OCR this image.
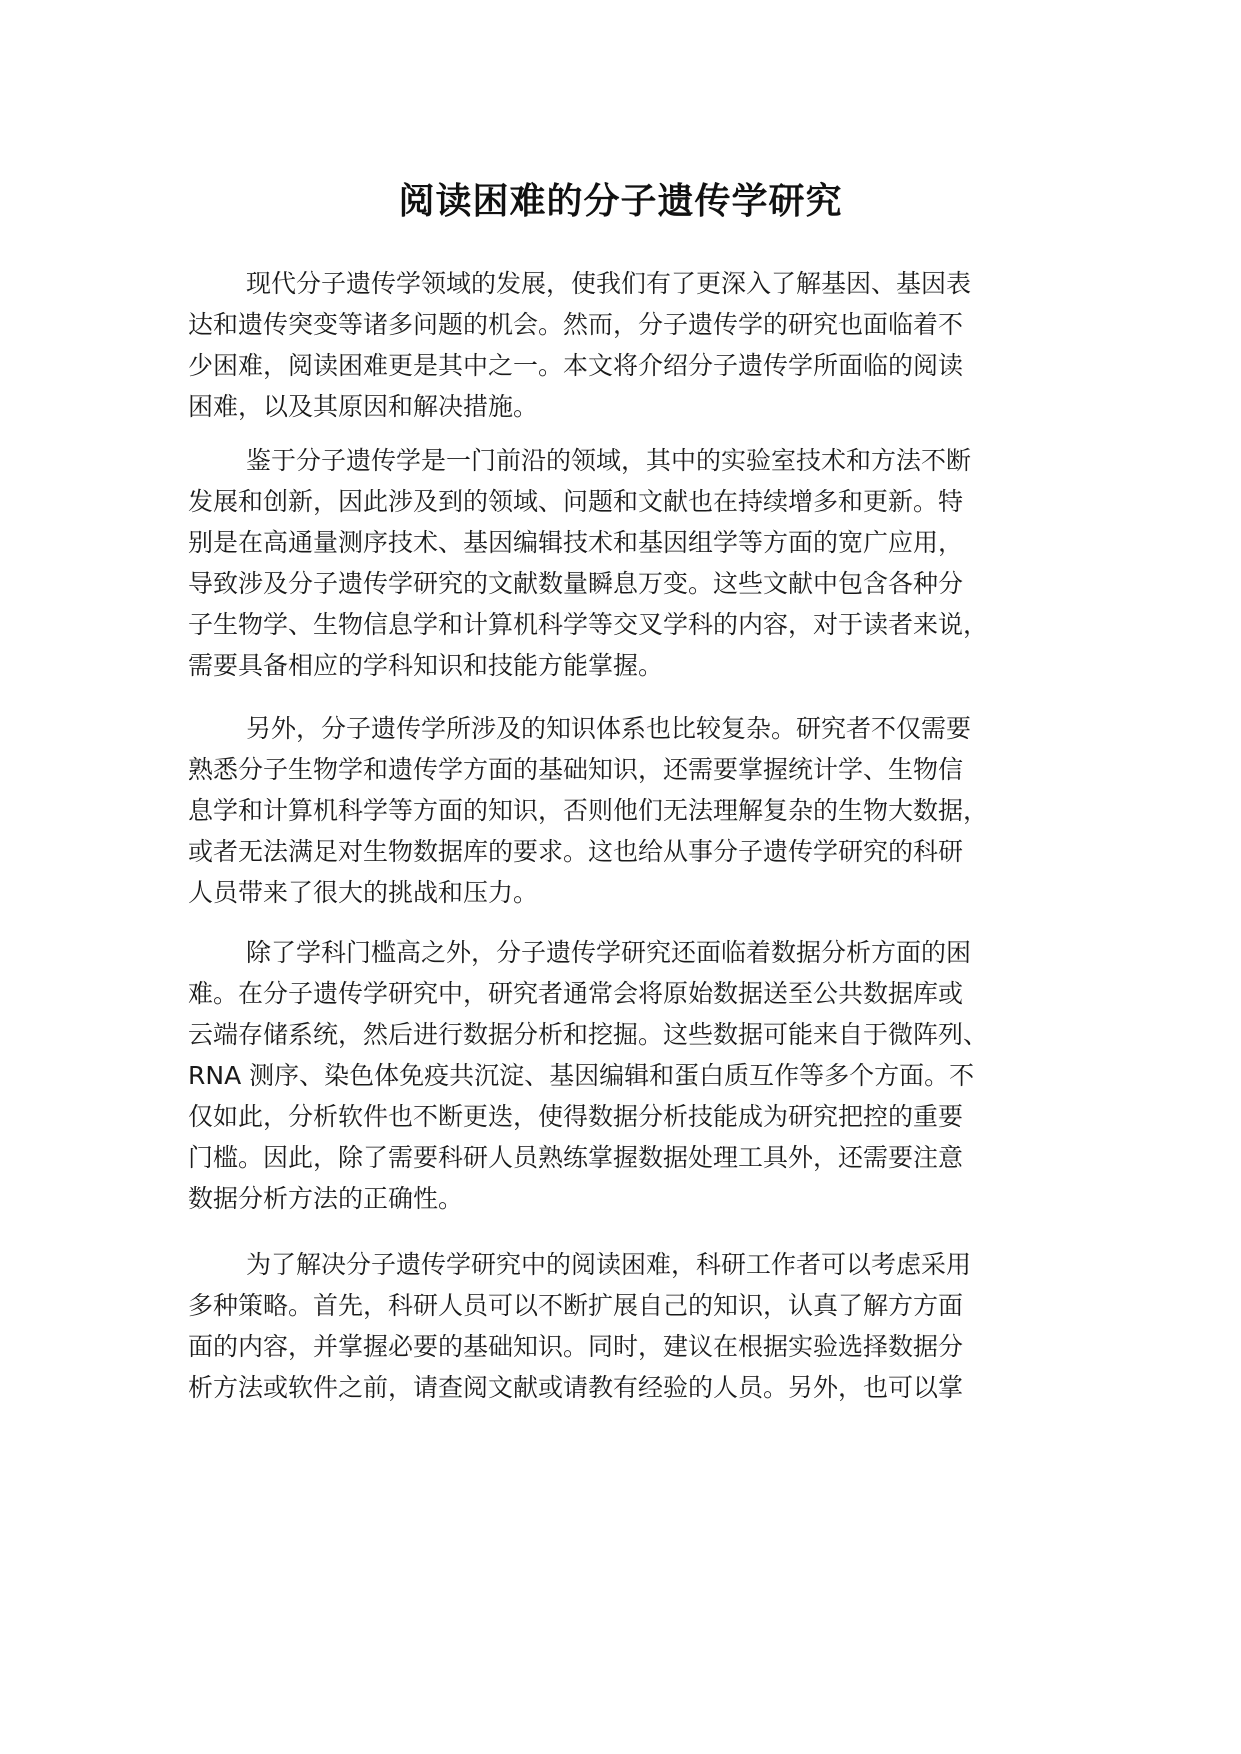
阅读困难的分子遗传学研究
现代分子遗传学领域的发展，使我们有了更深入了解基因、基因表
达和遗传突变等诸多问题的机会。然而，分子遗传学的研究也面临着不
少困难，阅读困难更是其中之一。本文将介绍分子遗传学所面临的阅读
困难，以及其原因和解决措施。
鉴于分子遗传学是一门前沿的领域，其中的实验室技术和方法不断
发展和创新，因此涉及到的领域、问题和文献也在持续增多和更新。特
别是在高通量测序技术、基因编辑技术和基因组学等方面的宽广应用，
导致涉及分子遗传学研究的文献数量瞬息万变。这些文献中包含各种分
子生物学、生物信息学和计算机科学等交叉学科的内容，对于读者来说，
需要具备相应的学科知识和技能方能掌握。
另外，分子遗传学所涉及的知识体系也比较复杂。研究者不仅需要
熟悉分子生物学和遗传学方面的基础知识，还需要掌握统计学、生物信
息学和计算机科学等方面的知识，否则他们无法理解复杂的生物大数据，
或者无法满足对生物数据库的要求。这也给从事分子遗传学研究的科研
人员带来了很大的挑战和压力。
除了学科门槛高之外，分子遗传学研究还面临着数据分析方面的困
难。在分子遗传学研究中，研究者通常会将原始数据送至公共数据库或
云端存储系统，然后进行数据分析和挖掘。这些数据可能来自于微阵列、
RNA 测序、染色体免疫共沉淀、基因编辑和蛋白质互作等多个方面。不
仅如此，分析软件也不断更迭，使得数据分析技能成为研究把控的重要
门槛。因此，除了需要科研人员熟练掌握数据处理工具外，还需要注意
数据分析方法的正确性。
为了解决分子遗传学研究中的阅读困难，科研工作者可以考虑采用
多种策略。首先，科研人员可以不断扩展自己的知识，认真了解方方面
面的内容，并掌握必要的基础知识。同时，建议在根据实验选择数据分
析方法或软件之前，请查阅文献或请教有经验的人员。另外，也可以掌
